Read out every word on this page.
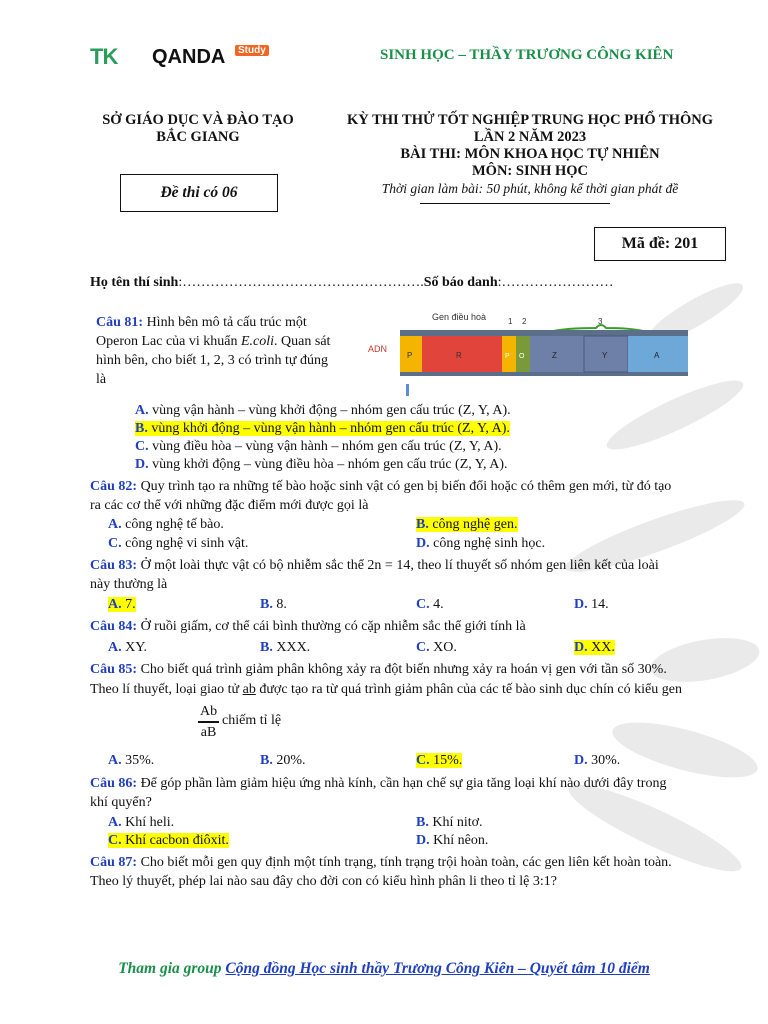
TK QANDA	Study	SINH HỌC – THẦY TRƯƠNG CÔNG KIÊN
SỞ GIÁO DỤC VÀ ĐÀO TẠO
BẮC GIANG
KỲ THI THỬ TỐT NGHIỆP TRUNG HỌC PHỔ THÔNG
LẦN 2 NĂM 2023
BÀI THI: MÔN KHOA HỌC TỰ NHIÊN
MÔN: SINH HỌC
Thời gian làm bài: 50 phút, không kể thời gian phát đề
Đề thi có 06
Mã đề: 201
Họ tên thí sinh:…………………………………………….Số báo danh:……………………
Câu 81: Hình bên mô tả cấu trúc một Operon Lac của vi khuẩn E.coli. Quan sát hình bên, cho biết 1, 2, 3 có trình tự đúng là
Gen điều hoà	1 2	3
ADN
P	R	P O	Z	Y	A
A. vùng vận hành – vùng khởi động – nhóm gen cấu trúc (Z, Y, A).
B. vùng khởi động – vùng vận hành – nhóm gen cấu trúc (Z, Y, A).
C. vùng điều hòa – vùng vận hành – nhóm gen cấu trúc (Z, Y, A).
D. vùng khởi động – vùng điều hòa – nhóm gen cấu trúc (Z, Y, A).
Câu 82: Quy trình tạo ra những tế bào hoặc sinh vật có gen bị biến đổi hoặc có thêm gen mới, từ đó tạo ra các cơ thể với những đặc điểm mới được gọi là
A. công nghệ tế bào.	B. công nghệ gen.
C. công nghệ vi sinh vật.	D. công nghệ sinh học.
Câu 83: Ở một loài thực vật có bộ nhiễm sắc thể 2n = 14, theo lí thuyết số nhóm gen liên kết của loài này thường là
A. 7.	B. 8.	C. 4.	D. 14.
Câu 84: Ở ruồi giấm, cơ thể cái bình thường có cặp nhiễm sắc thể giới tính là
A. XY.	B. XXX.	C. XO.	D. XX.
Câu 85: Cho biết quá trình giảm phân không xảy ra đột biến nhưng xảy ra hoán vị gen với tần số 30%. Theo lí thuyết, loại giao tử ab được tạo ra từ quá trình giảm phân của các tế bào sinh dục chín có kiểu gen
$\frac{Ab}{aB}$ chiếm tỉ lệ
A. 35%.	B. 20%.	C. 15%.	D. 30%.
Câu 86: Để góp phần làm giảm hiệu ứng nhà kính, cần hạn chế sự gia tăng loại khí nào dưới đây trong khí quyển?
A. Khí heli.	B. Khí nitơ.
C. Khí cacbon điôxit.	D. Khí nêon.
Câu 87: Cho biết mỗi gen quy định một tính trạng, tính trạng trội hoàn toàn, các gen liên kết hoàn toàn. Theo lý thuyết, phép lai nào sau đây cho đời con có kiểu hình phân li theo tỉ lệ 3:1?
Tham gia group Cộng đồng Học sinh thầy Trương Công Kiên – Quyết tâm 10 điểm
